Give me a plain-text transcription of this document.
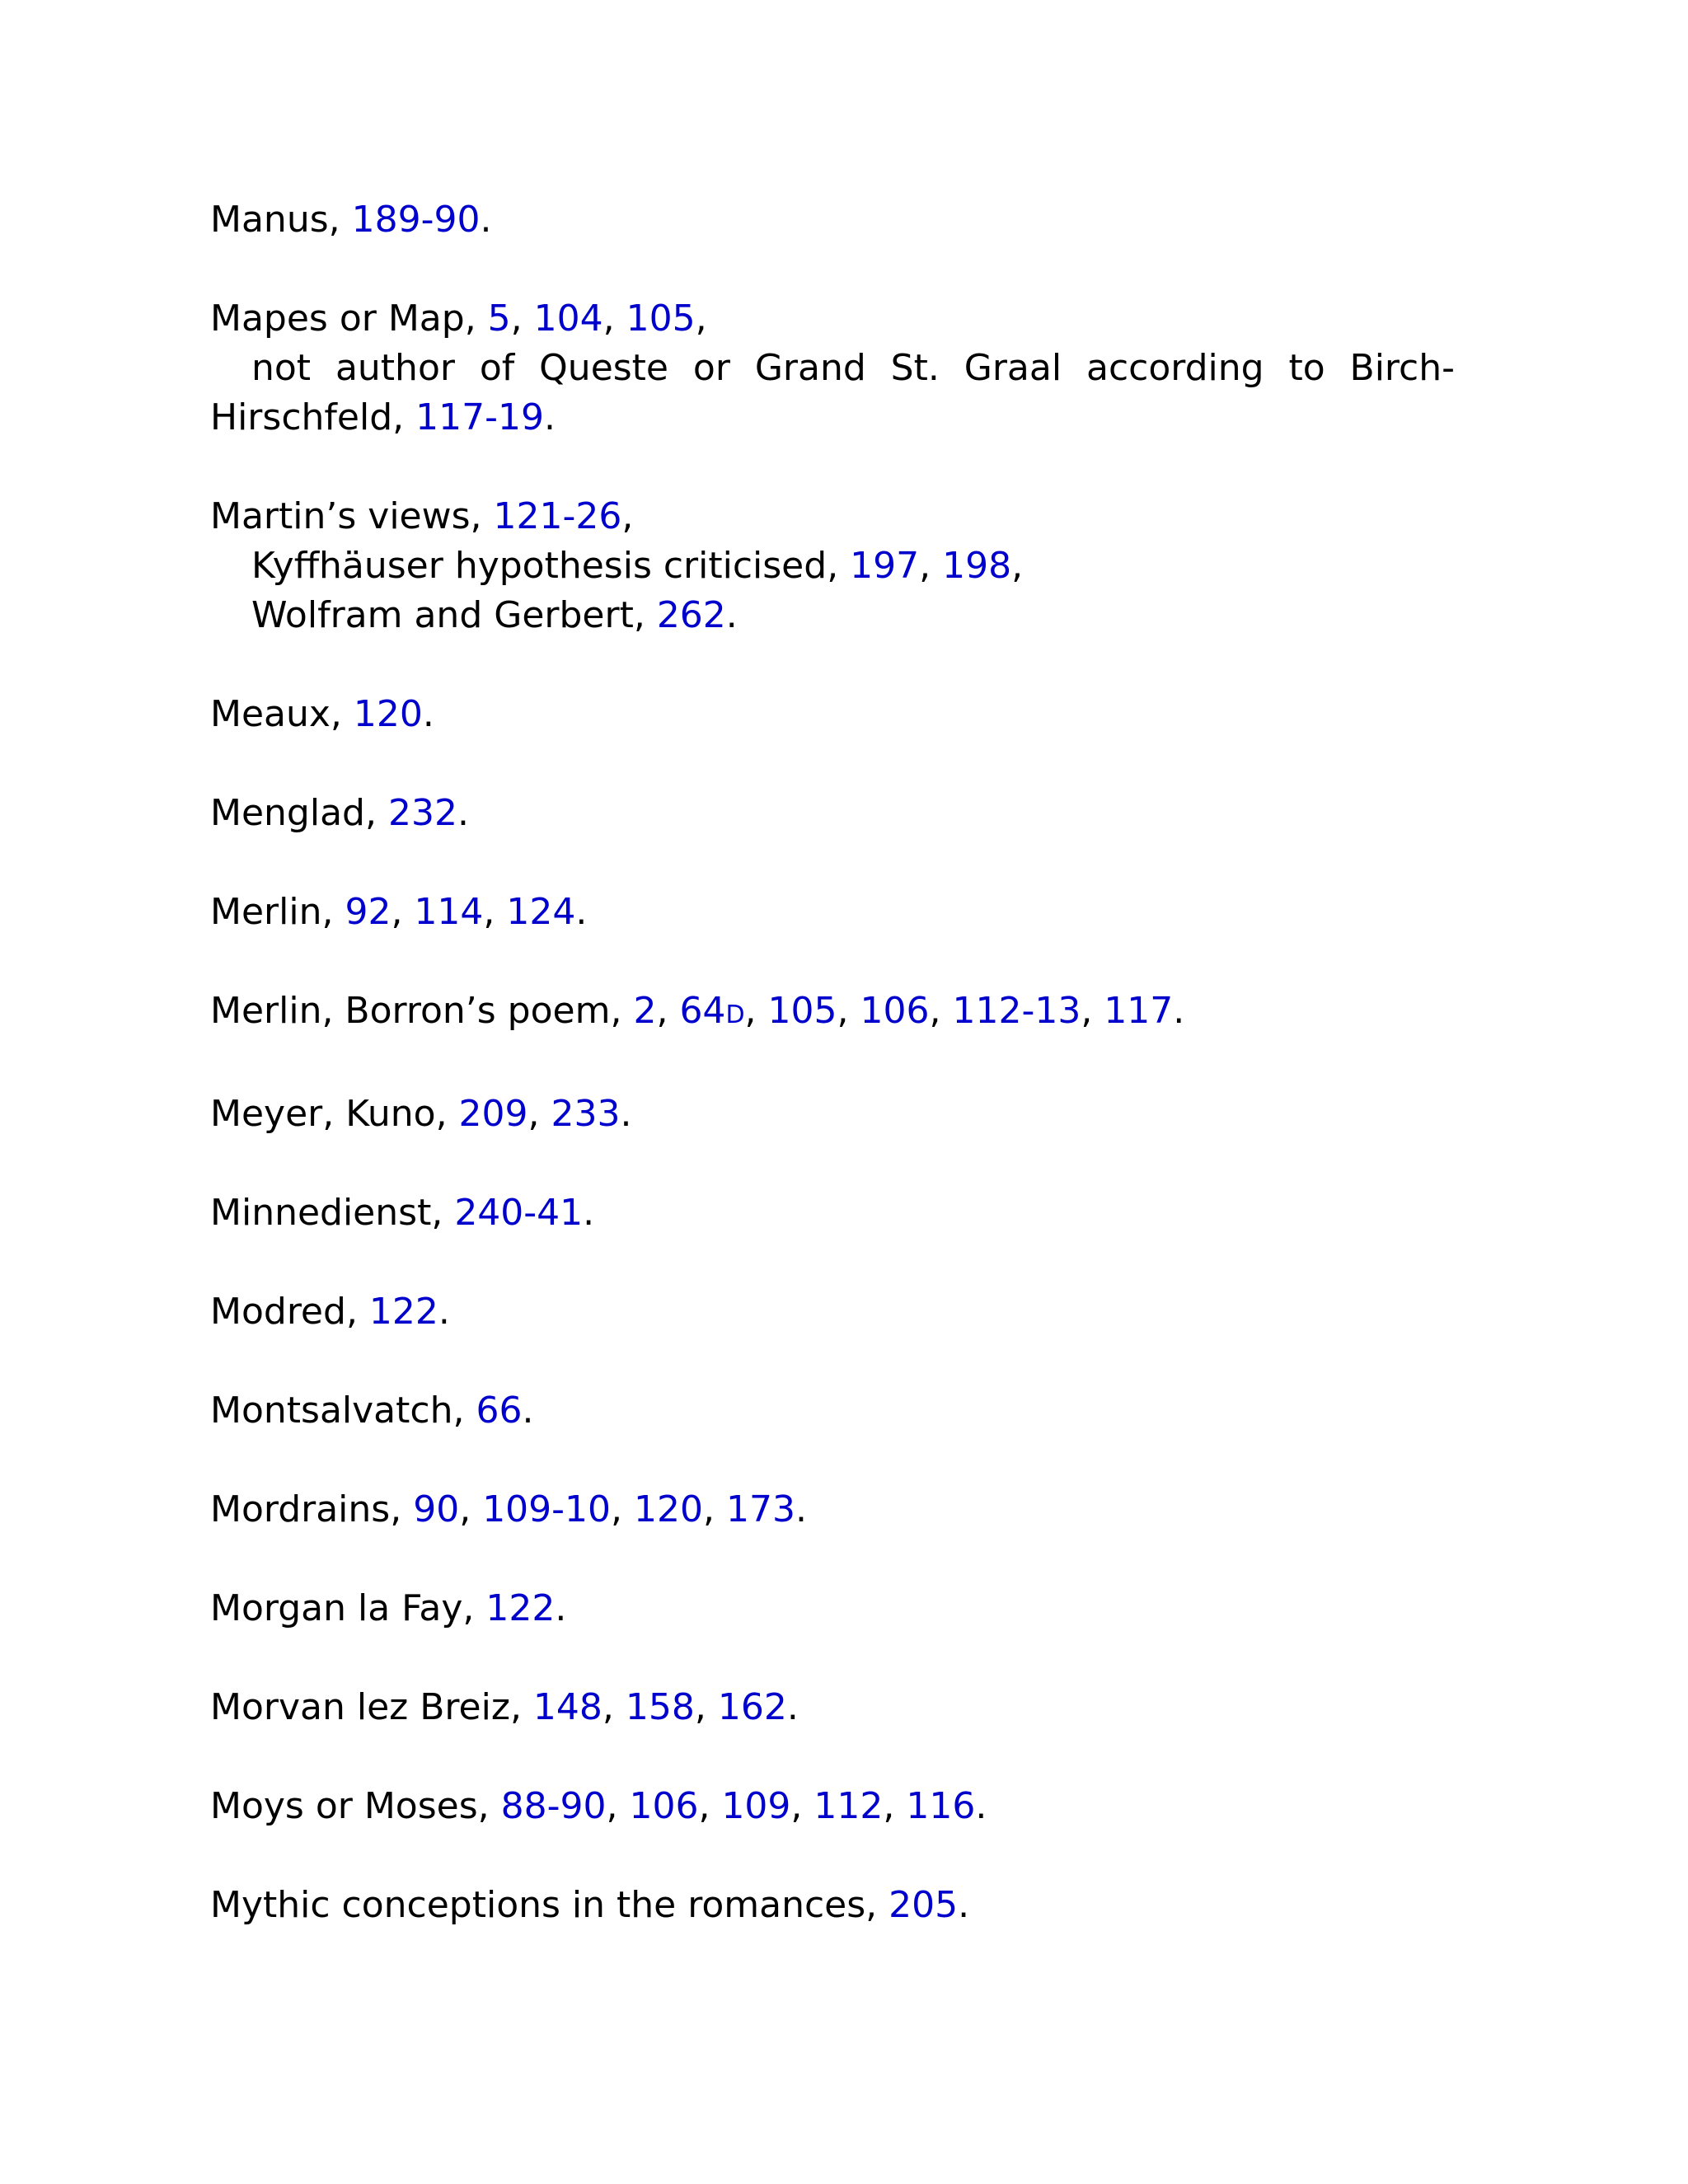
Manus, 189-90.
Mapes or Map, 5, 104, 105,
not author of Queste or Grand St. Graal according to Birch-
Hirschfeld, 117-19.
Martin’s views, 121-26,
Kyffhäuser hypothesis criticised, 197, 198,
Wolfram and Gerbert, 262.
Meaux, 120.
Menglad, 232.
Merlin, 92, 114, 124.
Merlin, Borron’s poem, 2, 64D, 105, 106, 112-13, 117.
Meyer, Kuno, 209, 233.
Minnedienst, 240-41.
Modred, 122.
Montsalvatch, 66.
Mordrains, 90, 109-10, 120, 173.
Morgan la Fay, 122.
Morvan lez Breiz, 148, 158, 162.
Moys or Moses, 88-90, 106, 109, 112, 116.
Mythic conceptions in the romances, 205.
